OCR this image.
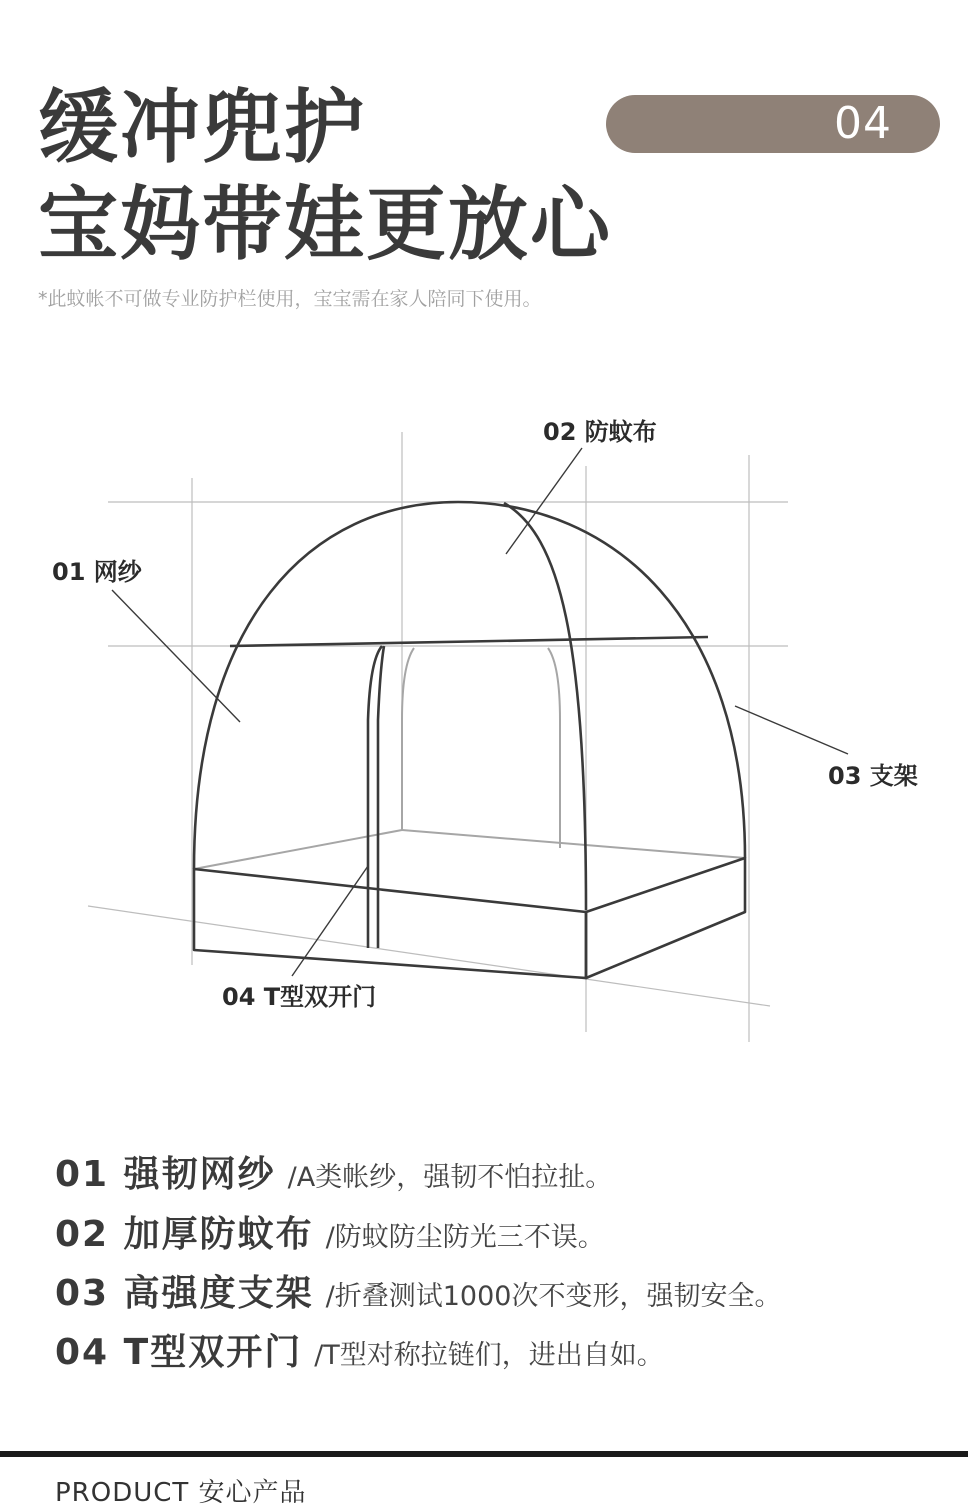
缓冲兜护
宝妈带娃更放心
04
*此蚊帐不可做专业防护栏使用，宝宝需在家人陪同下使用。
01 网纱
02 防蚊布
03 支架
04 T型双开门
01 强韧网纱 /A类帐纱，强韧不怕拉扯。
02 加厚防蚊布 /防蚊防尘防光三不误。
03 高强度支架 /折叠测试1000次不变形，强韧安全。
04 T型双开门 /T型对称拉链们，进出自如。
PRODUCT 安心产品
